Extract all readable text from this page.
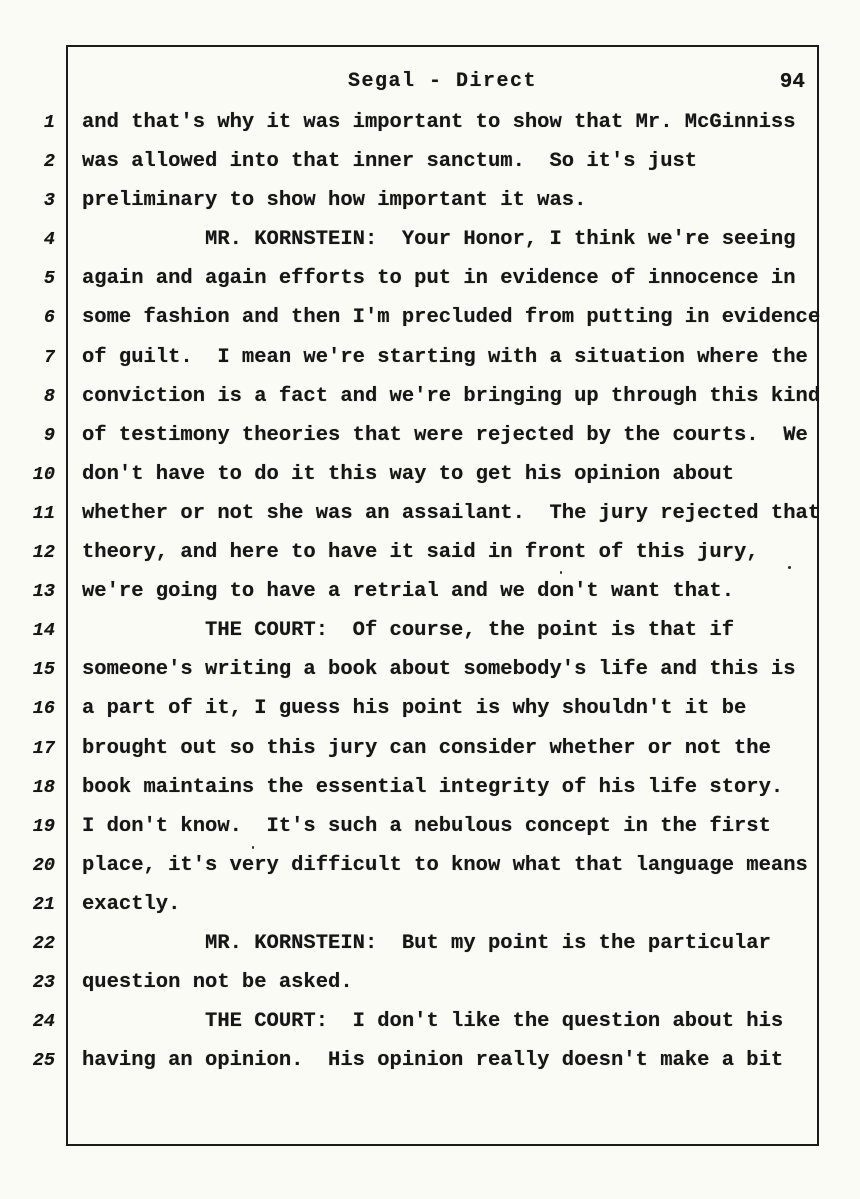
Segal - Direct	94
1	and that's why it was important to show that Mr. McGinniss
2	was allowed into that inner sanctum.  So it's just
3	preliminary to show how important it was.
4	MR. KORNSTEIN:  Your Honor, I think we're seeing
5	again and again efforts to put in evidence of innocence in
6	some fashion and then I'm precluded from putting in evidence
7	of guilt.  I mean we're starting with a situation where the
8	conviction is a fact and we're bringing up through this kind
9	of testimony theories that were rejected by the courts.  We
10	don't have to do it this way to get his opinion about
11	whether or not she was an assailant.  The jury rejected that
12	theory, and here to have it said in front of this jury,
13	we're going to have a retrial and we don't want that.
14	THE COURT:  Of course, the point is that if
15	someone's writing a book about somebody's life and this is
16	a part of it, I guess his point is why shouldn't it be
17	brought out so this jury can consider whether or not the
18	book maintains the essential integrity of his life story.
19	I don't know.  It's such a nebulous concept in the first
20	place, it's very difficult to know what that language means
21	exactly.
22	MR. KORNSTEIN:  But my point is the particular
23	question not be asked.
24	THE COURT:  I don't like the question about his
25	having an opinion.  His opinion really doesn't make a bit
